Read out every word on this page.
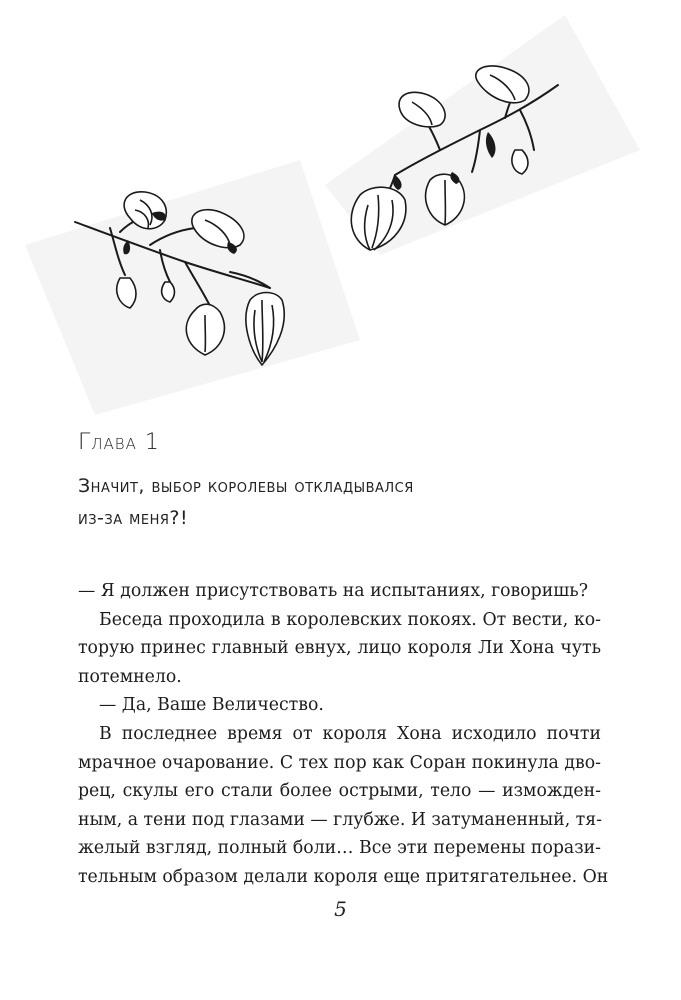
Глава 1
Значит, выбор королевы откладывался
из-за меня?!
— Я должен присутствовать на испытаниях, говоришь?
Беседа проходила в королевских покоях. От вести, ко-
торую принес главный евнух, лицо короля Ли Хона чуть
потемнело.
— Да, Ваше Величество.
В последнее время от короля Хона исходило почти
мрачное очарование. С тех пор как Соран покинула дво-
рец, скулы его стали более острыми, тело — изможден-
ным, а тени под глазами — глубже. И затуманенный, тя-
желый взгляд, полный боли… Все эти перемены порази-
тельным образом делали короля еще притягательнее. Он
5
